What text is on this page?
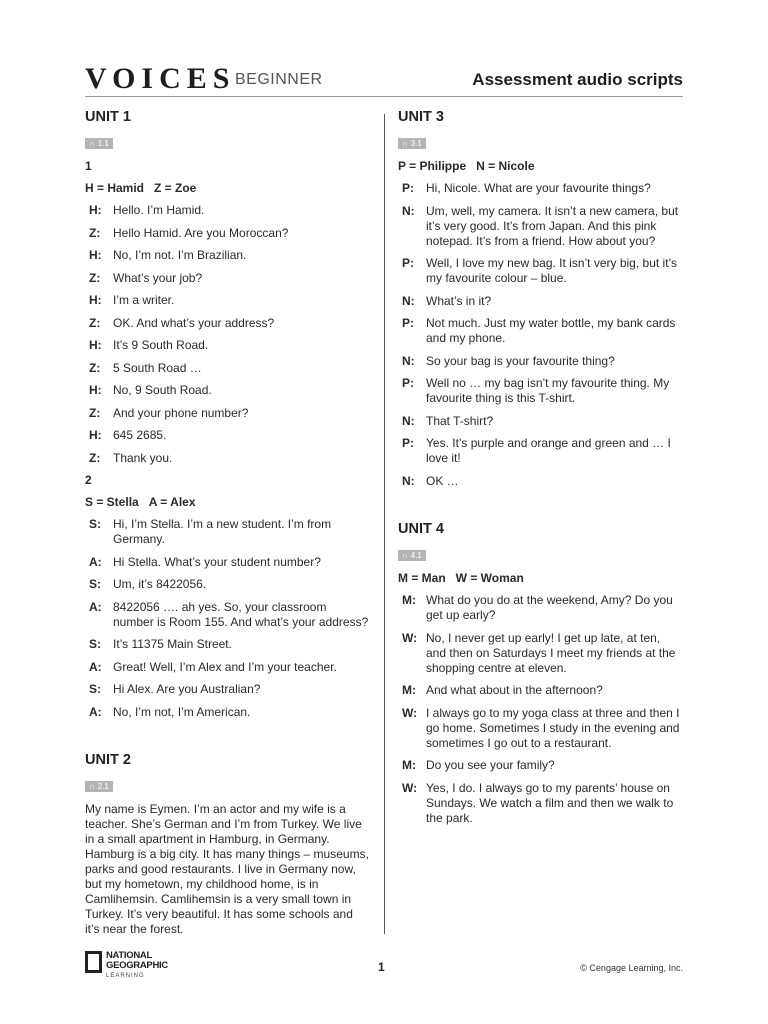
VOICES BEGINNER	Assessment audio scripts
UNIT 1
∩ 1.1
1
H = Hamid Z = Zoe
H: Hello. I’m Hamid.
Z:	Hello Hamid. Are you Moroccan?
H: No, I’m not. I’m Brazilian.
Z:	What’s your job?
H: I’m a writer.
Z:	OK. And what’s your address?
H: It’s 9 South Road.
Z:	5 South Road …
H: No, 9 South Road.
Z:	And your phone number?
H: 645 2685.
Z:	Thank you.
2
S = Stella A = Alex
S:	Hi, I’m Stella. I’m a new student. I’m from Germany.
A: Hi Stella. What’s your student number?
S:	Um, it’s 8422056.
A: 8422056 …. ah yes. So, your classroom number is Room 155. And what’s your address?
S:	It’s 11375 Main Street.
A: Great! Well, I’m Alex and I’m your teacher.
S:	Hi Alex. Are you Australian?
A: No, I’m not, I’m American.
UNIT 2
∩ 2.1

My name is Eymen. I’m an actor and my wife is a teacher. She’s German and I’m from Turkey. We live in a small apartment in Hamburg, in Germany. Hamburg is a big city. It has many things – museums, parks and good restaurants. I live in Germany now, but my hometown, my childhood home, is in Camlihemsin. Camlihemsin is a very small town in Turkey. It’s very beautiful. It has some schools and it’s near the forest.

UNIT 3
∩ 3.1
P = Philippe N = Nicole
P:	Hi, Nicole. What are your favourite things?
N: Um, well, my camera. It isn’t a new camera, but it’s very good. It’s from Japan. And this pink notepad. It’s from a friend. How about you?
P:	Well, I love my new bag. It isn’t very big, but it’s my favourite colour – blue.
N: What’s in it?
P:	Not much. Just my water bottle, my bank cards and my phone.
N: So your bag is your favourite thing?
P:	Well no … my bag isn’t my favourite thing. My favourite thing is this T-shirt.
N: That T-shirt?
P:	Yes. It’s purple and orange and green and … I love it!
N: OK …
UNIT 4
∩ 4.1
M = Man W = Woman
M: What do you do at the weekend, Amy? Do you get up early?
W: No, I never get up early! I get up late, at ten, and then on Saturdays I meet my friends at the shopping centre at eleven.
M: And what about in the afternoon?
W: I always go to my yoga class at three and then I go home. Sometimes I study in the evening and sometimes I go out to a restaurant.
M: Do you see your family?
W: Yes, I do. I always go to my parents’ house on Sundays. We watch a film and then we walk to the park.
NATIONAL
GEOGRAPHIC
LEARNING
1	© Cengage Learning, Inc.
